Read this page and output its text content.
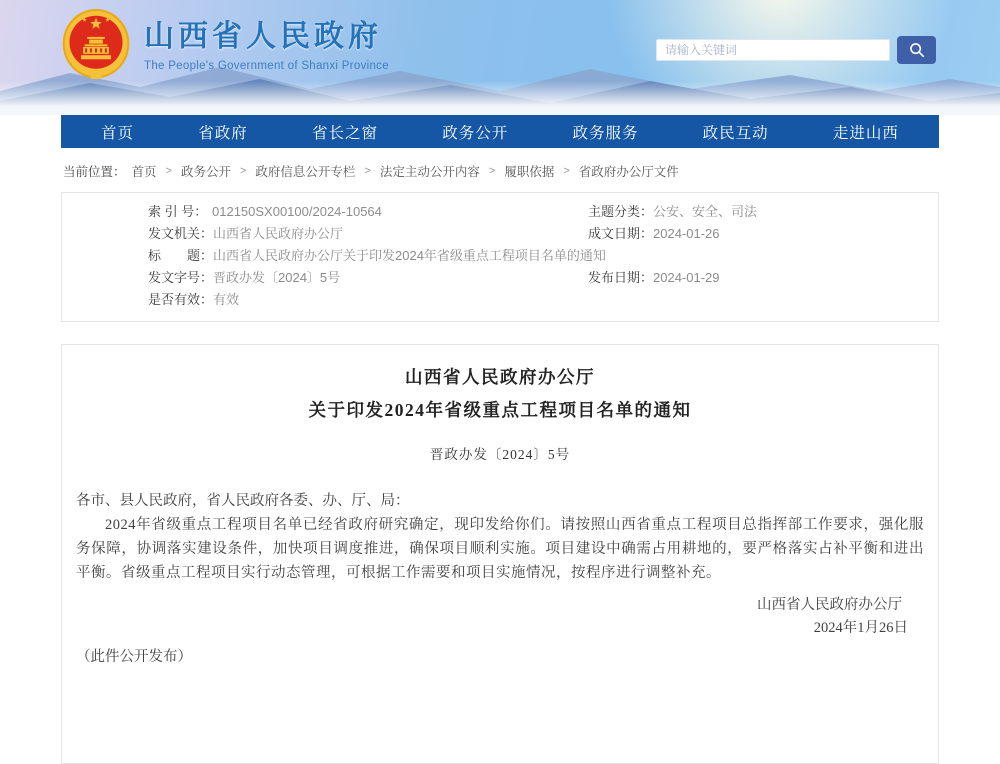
山西省人民政府
The People's Government of Shanxi Province
请输入关键词
首页	省政府	省长之窗	政务公开	政务服务	政民互动	走进山西
当前位置： 首页 > 政务公开 > 政府信息公开专栏 > 法定主动公开内容 > 履职依据 > 省政府办公厅文件
索 引 号： 012150SX00100/2024-10564	主题分类： 公安、安全、司法
发文机关： 山西省人民政府办公厅	成文日期： 2024-01-26
标　　题： 山西省人民政府办公厅关于印发2024年省级重点工程项目名单的通知
发文字号： 晋政办发〔2024〕5号	发布日期： 2024-01-29
是否有效： 有效
山西省人民政府办公厅
关于印发2024年省级重点工程项目名单的通知
晋政办发〔2024〕5号
各市、县人民政府，省人民政府各委、办、厅、局：

2024年省级重点工程项目名单已经省政府研究确定，现印发给你们。请按照山西省重点工程项目总指挥部工作要求，强化服务保障，协调落实建设条件，加快项目调度推进，确保项目顺利实施。项目建设中确需占用耕地的，要严格落实占补平衡和进出平衡。省级重点工程项目实行动态管理，可根据工作需要和项目实施情况，按程序进行调整补充。

山西省人民政府办公厅
2024年1月26日
（此件公开发布）
